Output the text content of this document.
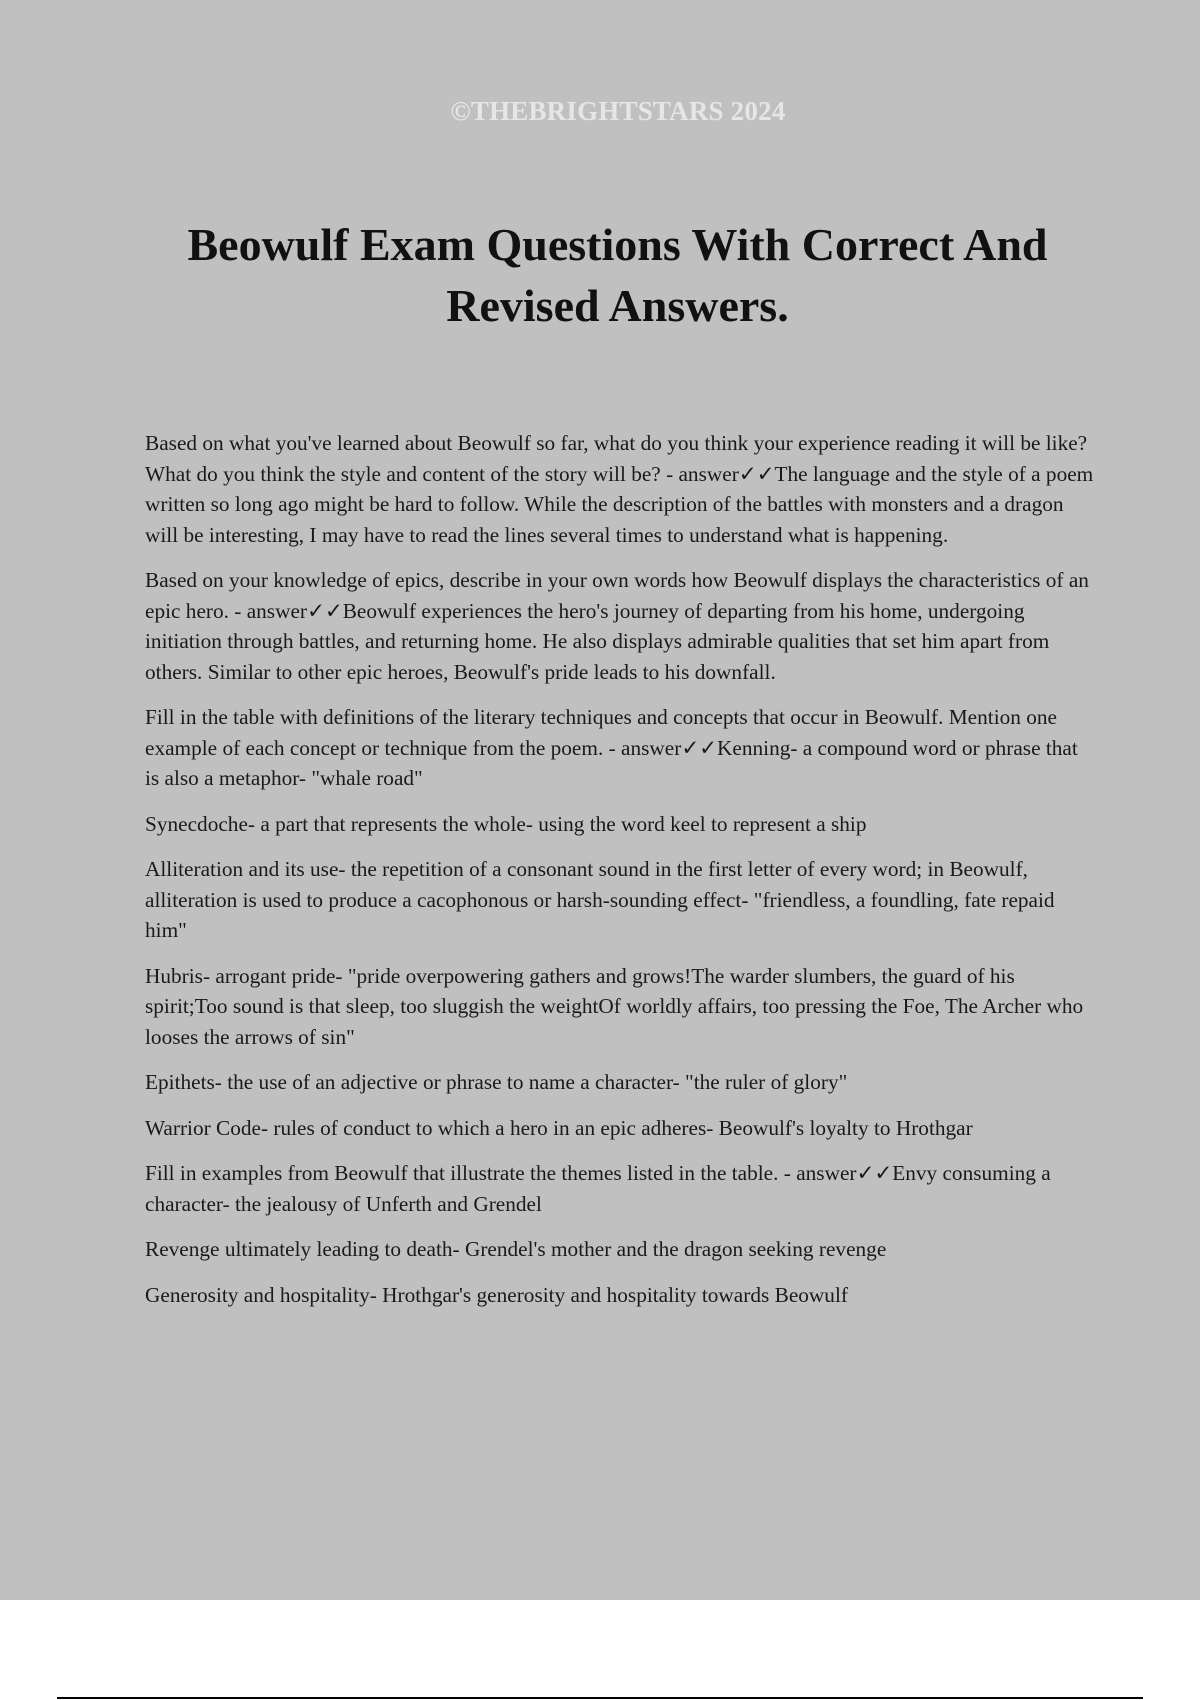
©THEBRIGHTSTARS 2024
Beowulf Exam Questions With Correct And Revised Answers.

Based on what you've learned about Beowulf so far, what do you think your experience reading it will be like? What do you think the style and content of the story will be? - answer✓✓The language and the style of a poem written so long ago might be hard to follow. While the description of the battles with monsters and a dragon will be interesting, I may have to read the lines several times to understand what is happening.

Based on your knowledge of epics, describe in your own words how Beowulf displays the characteristics of an epic hero. - answer✓✓Beowulf experiences the hero's journey of departing from his home, undergoing initiation through battles, and returning home. He also displays admirable qualities that set him apart from others. Similar to other epic heroes, Beowulf's pride leads to his downfall.

Fill in the table with definitions of the literary techniques and concepts that occur in Beowulf. Mention one example of each concept or technique from the poem. - answer✓✓Kenning- a compound word or phrase that is also a metaphor- "whale road"

Synecdoche- a part that represents the whole- using the word keel to represent a ship

Alliteration and its use- the repetition of a consonant sound in the first letter of every word; in Beowulf, alliteration is used to produce a cacophonous or harsh-sounding effect- "friendless, a foundling, fate repaid him"

Hubris- arrogant pride- "pride overpowering gathers and grows!The warder slumbers, the guard of his spirit;Too sound is that sleep, too sluggish the weightOf worldly affairs, too pressing the Foe, The Archer who looses the arrows of sin"

Epithets- the use of an adjective or phrase to name a character- "the ruler of glory"

Warrior Code- rules of conduct to which a hero in an epic adheres- Beowulf's loyalty to Hrothgar

Fill in examples from Beowulf that illustrate the themes listed in the table. - answer✓✓Envy consuming a character- the jealousy of Unferth and Grendel

Revenge ultimately leading to death- Grendel's mother and the dragon seeking revenge

Generosity and hospitality- Hrothgar's generosity and hospitality towards Beowulf
